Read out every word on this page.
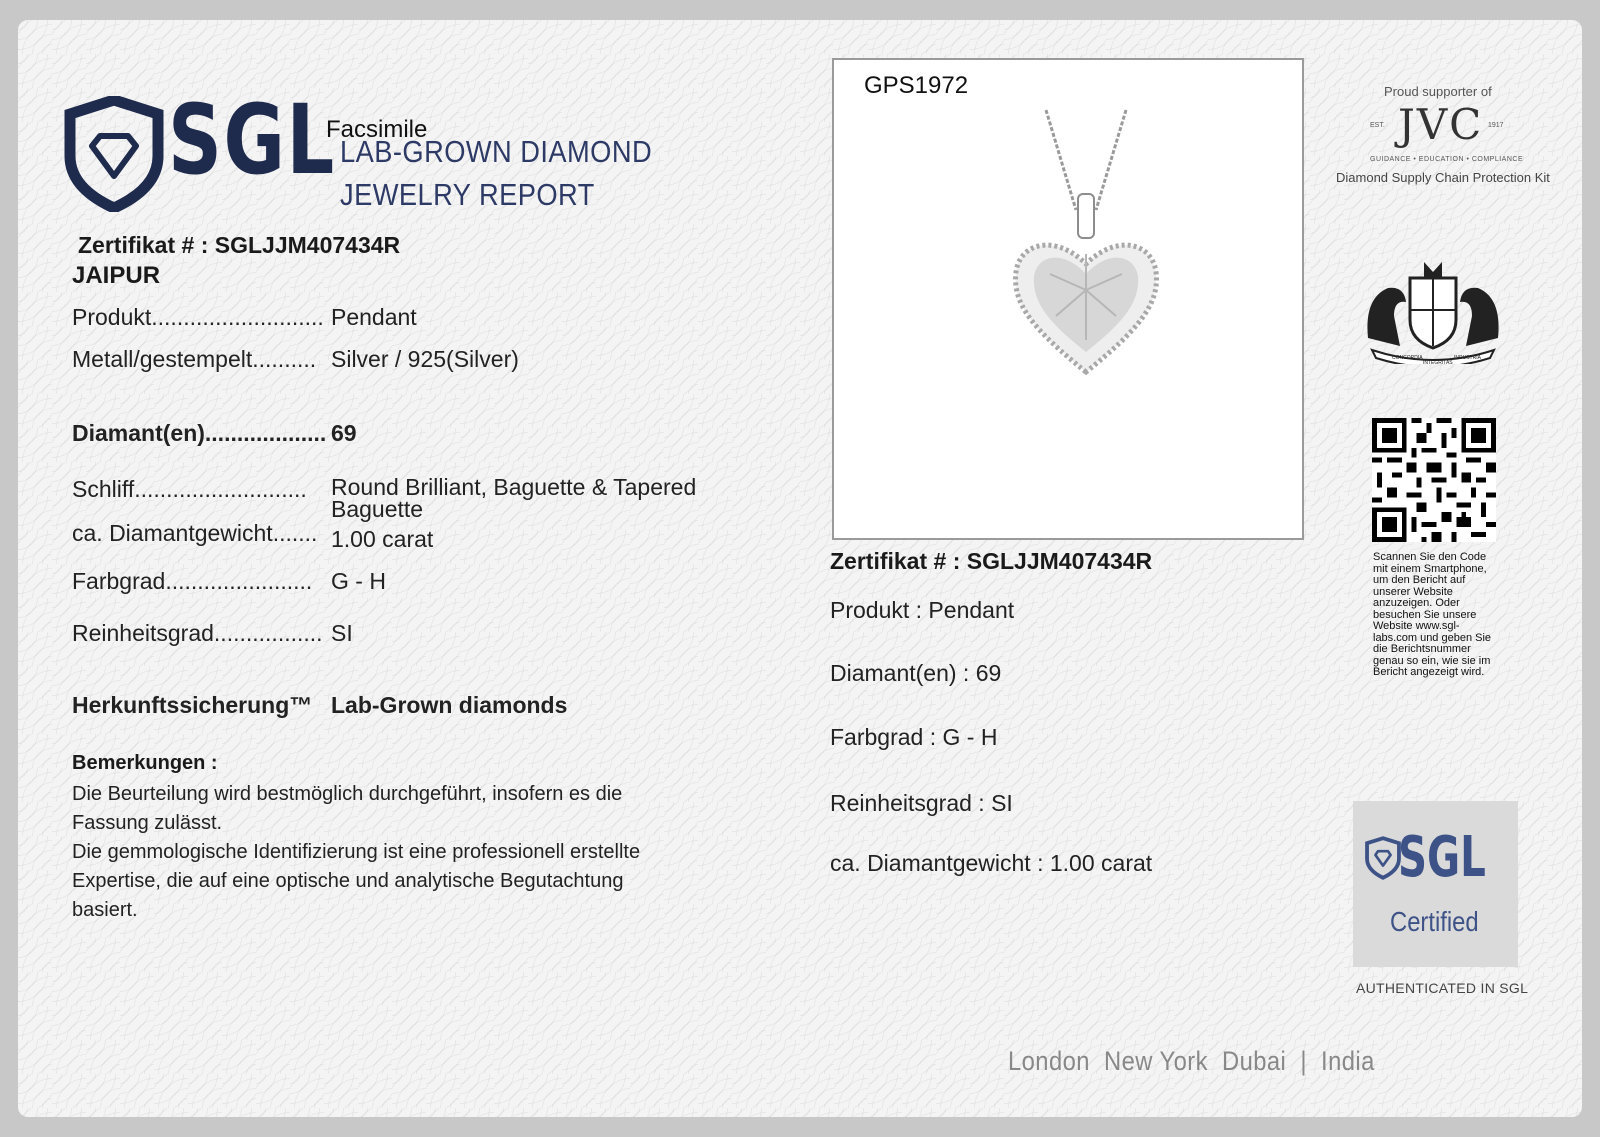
SGL
Facsimile
LAB-GROWN DIAMOND
JEWELRY REPORT
Zertifikat # : SGLJJM407434R
JAIPUR
Produkt........................... Pendant
Metall/gestempelt.......... Silver / 925(Silver)
Diamant(en)................... 69
Schliff........................... Round Brilliant, Baguette & Tapered Baguette
ca. Diamantgewicht....... 1.00 carat
Farbgrad....................... G - H
Reinheitsgrad................. SI
Herkunftssicherung™ Lab-Grown diamonds
Bemerkungen :
Die Beurteilung wird bestmöglich durchgeführt, insofern es die Fassung zulässt.
Die gemmologische Identifizierung ist eine professionell erstellte Expertise, die auf eine optische und analytische Begutachtung basiert.
GPS1972
Zertifikat # : SGLJJM407434R
Produkt : Pendant
Diamant(en) : 69
Farbgrad : G - H
Reinheitsgrad : SI
ca. Diamantgewicht : 1.00 carat
Proud supporter of
EST. JVC 1917
GUIDANCE • EDUCATION • COMPLIANCE
Diamond Supply Chain Protection Kit
CONCORDIA
INTEGRITAS
INDUSTRIA
Scannen Sie den Code mit einem Smartphone, um den Bericht auf unserer Website anzuzeigen. Oder besuchen Sie unsere Website www.sgl-labs.com und geben Sie die Berichtsnummer genau so ein, wie sie im Bericht angezeigt wird.
SGL
Certified
AUTHENTICATED IN SGL
London  New York  Dubai  |  India
